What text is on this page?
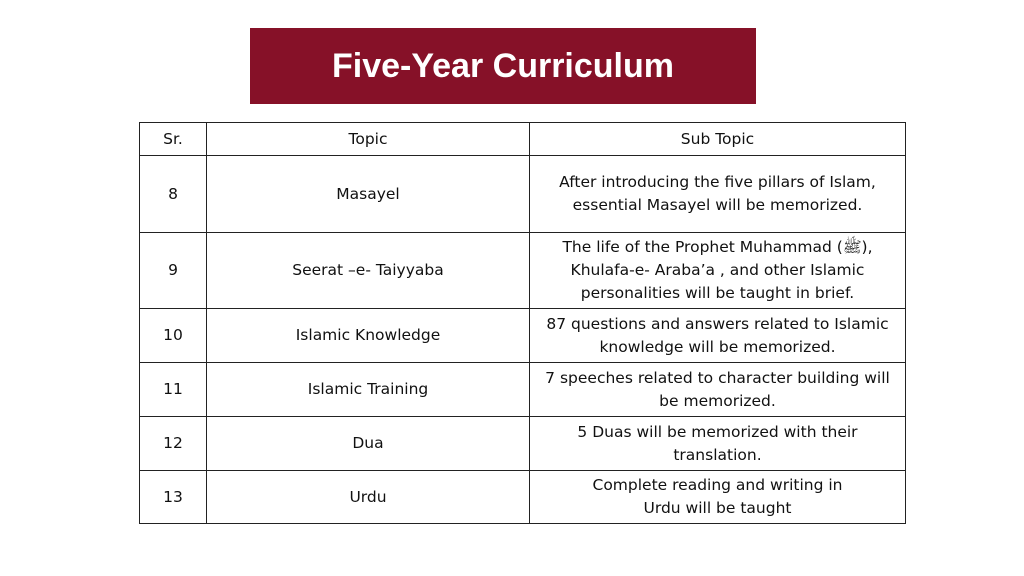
Five-Year Curriculum
Sr.	Topic	Sub Topic
8	Masayel	After introducing the five pillars of Islam,
essential Masayel will be memorized.

9	Seerat –e- Taiyyaba	The life of the Prophet Muhammad (ﷺ),
Khulafa-e- Araba’a , and other Islamic
personalities will be taught in brief.

10	Islamic Knowledge	87 questions and answers related to Islamic
knowledge will be memorized.

11	Islamic Training	7 speeches related to character building will
be memorized.

12	Dua	5 Duas will be memorized with their
translation.

13	Urdu	Complete reading and writing in
Urdu will be taught
